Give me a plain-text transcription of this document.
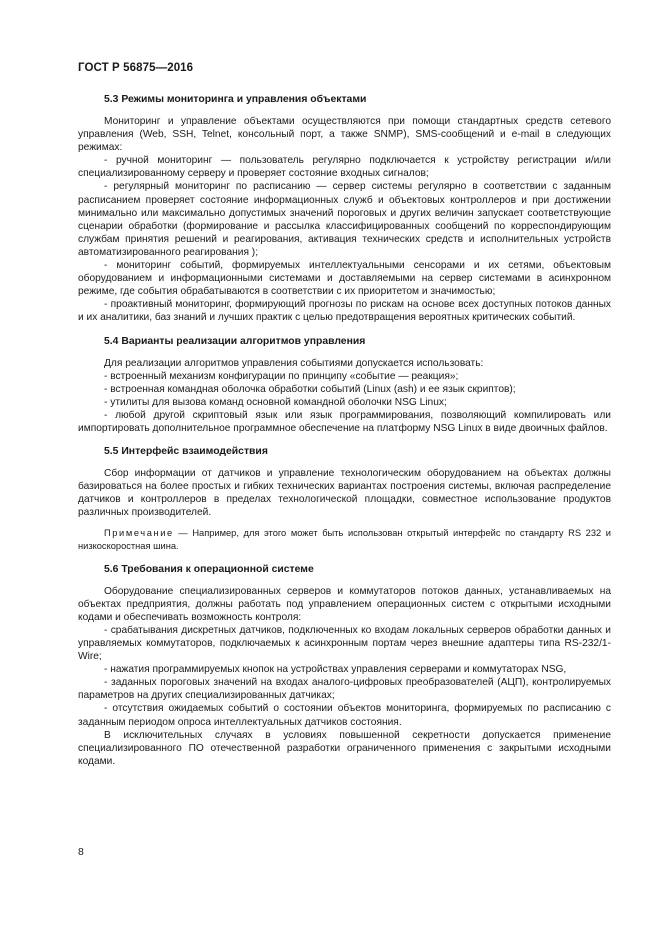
ГОСТ Р 56875—2016
5.3 Режимы мониторинга и управления объектами

Мониторинг и управление объектами осуществляются при помощи стандартных средств сетевого управления (Web, SSH, Telnet, консольный порт, а также SNMP), SMS-сообщений и e-mail в следующих режимах:

- ручной мониторинг — пользователь регулярно подключается к устройству регистрации и/или специализированному серверу и проверяет состояние входных сигналов;

- регулярный мониторинг по расписанию — сервер системы регулярно в соответствии с заданным расписанием проверяет состояние информационных служб и объектовых контроллеров и при достижении минимально или максимально допустимых значений пороговых и других величин запускает соответствующие сценарии обработки (формирование и рассылка классифицированных сообщений по корреспондирующим службам принятия решений и реагирования, активация технических средств и исполнительных устройств автоматизированного реагирования );

- мониторинг событий, формируемых интеллектуальными сенсорами и их сетями, объектовым оборудованием и информационными системами и доставляемыми на сервер системами в асинхронном режиме, где события обрабатываются в соответствии с их приоритетом и значимостью;

- проактивный мониторинг, формирующий прогнозы по рискам на основе всех доступных потоков данных и их аналитики, баз знаний и лучших практик с целью предотвращения вероятных критических событий.

5.4 Варианты реализации алгоритмов управления

Для реализации алгоритмов управления событиями допускается использовать:

- встроенный механизм конфигурации по принципу «событие — реакция»;

- встроенная командная оболочка обработки событий (Linux (ash) и ее язык скриптов);

- утилиты для вызова команд основной командной оболочки NSG Linux;

- любой другой скриптовый язык или язык программирования, позволяющий компилировать или импортировать дополнительное программное обеспечение на платформу NSG Linux в виде двоичных файлов.

5.5 Интерфейс взаимодействия

Сбор информации от датчиков и управление технологическим оборудованием на объектах должны базироваться на более простых и гибких технических вариантах построения системы, включая распределение датчиков и контроллеров в пределах технологической площадки, совместное использование продуктов различных производителей.

Примечание — Например, для этого может быть использован открытый интерфейс по стандарту RS 232 и низкоскоростная шина.

5.6 Требования к операционной системе

Оборудование специализированных серверов и коммутаторов потоков данных, устанавливаемых на объектах предприятия, должны работать под управлением операционных систем с открытыми исходными кодами и обеспечивать возможность контроля:

- срабатывания дискретных датчиков, подключенных ко входам локальных серверов обработки данных и управляемых коммутаторов, подключаемых к асинхронным портам через внешние адаптеры типа RS-232/1-Wire;

- нажатия программируемых кнопок на устройствах управления серверами и коммутаторах NSG,

- заданных пороговых значений на входах аналого-цифровых преобразователей (АЦП), контролируемых параметров на других специализированных датчиках;

- отсутствия ожидаемых событий о состоянии объектов мониторинга, формируемых по расписанию с заданным периодом опроса интеллектуальных датчиков состояния.

В исключительных случаях в условиях повышенной секретности допускается применение специализированного ПО отечественной разработки ограниченного применения с закрытыми исходными кодами.

8
